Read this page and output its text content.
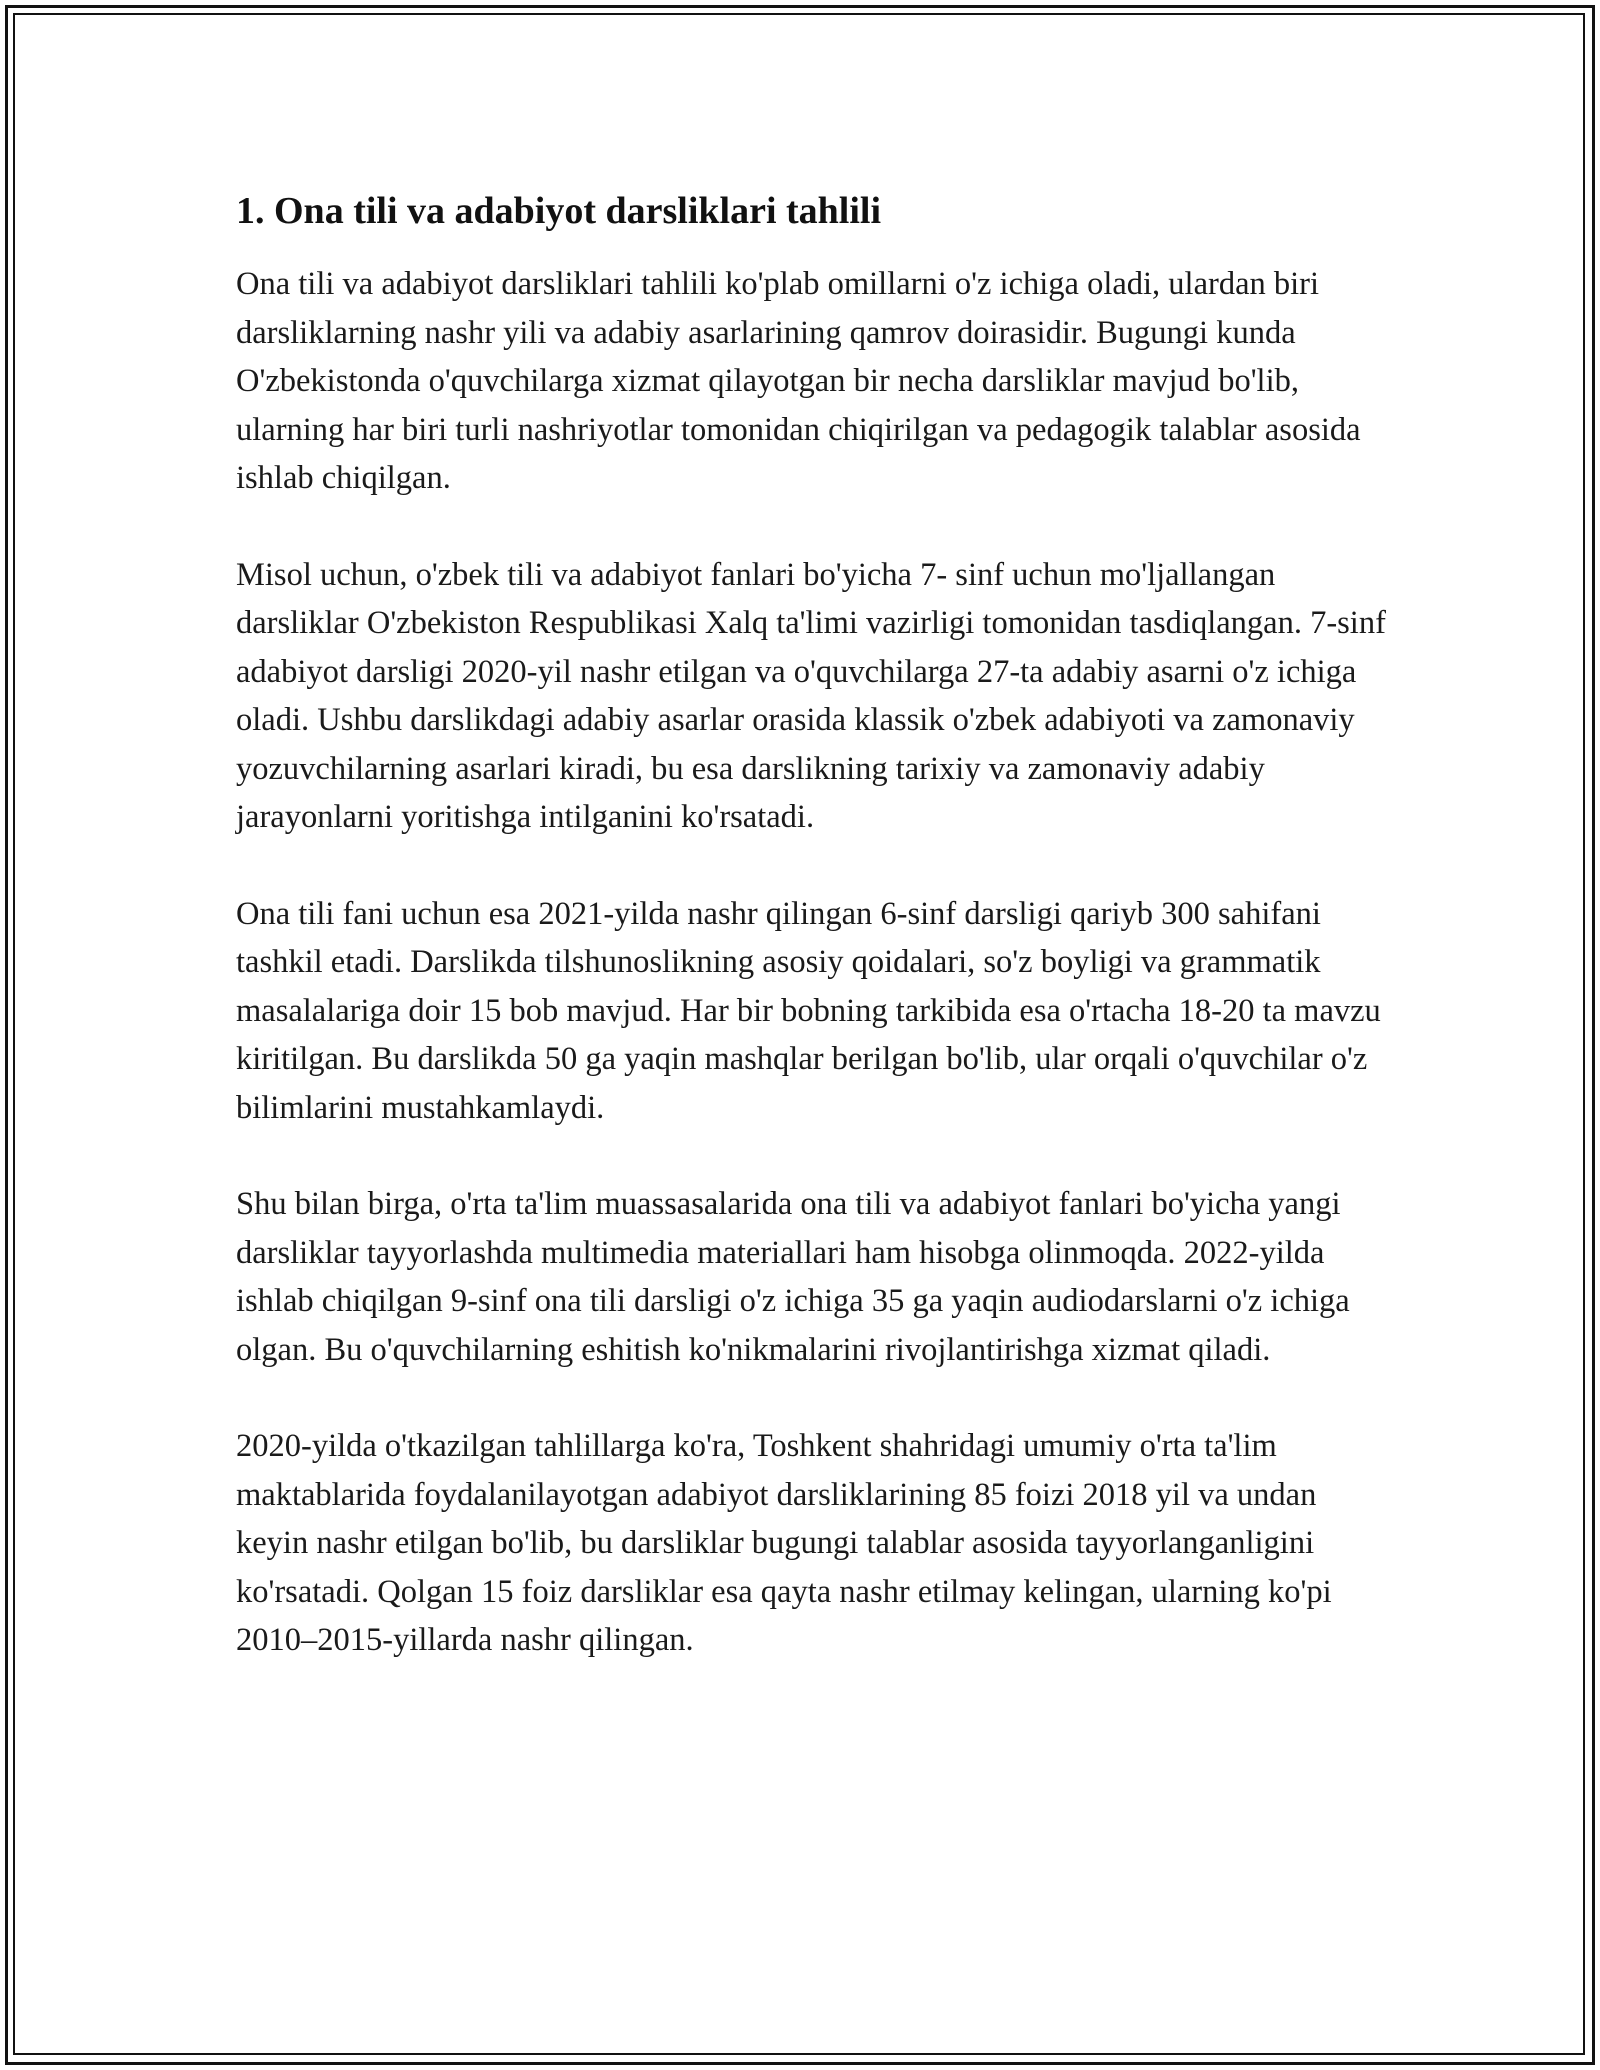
1. Ona tili va adabiyot darsliklari tahlili

Ona tili va adabiyot darsliklari tahlili ko'plab omillarni o'z ichiga oladi, ulardan biri darsliklarning nashr yili va adabiy asarlarining qamrov doirasidir. Bugungi kunda O'zbekistonda o'quvchilarga xizmat qilayotgan bir necha darsliklar mavjud bo'lib, ularning har biri turli nashriyotlar tomonidan chiqirilgan va pedagogik talablar asosida ishlab chiqilgan.

Misol uchun, o'zbek tili va adabiyot fanlari bo'yicha 7- sinf uchun mo'ljallangan darsliklar O'zbekiston Respublikasi Xalq ta'limi vazirligi tomonidan tasdiqlangan. 7-sinf adabiyot darsligi 2020-yil nashr etilgan va o'quvchilarga 27-ta adabiy asarni o'z ichiga oladi. Ushbu darslikdagi adabiy asarlar orasida klassik o'zbek adabiyoti va zamonaviy yozuvchilarning asarlari kiradi, bu esa darslikning tarixiy va zamonaviy adabiy jarayonlarni yoritishga intilganini ko'rsatadi.

Ona tili fani uchun esa 2021-yilda nashr qilingan 6-sinf darsligi qariyb 300 sahifani tashkil etadi. Darslikda tilshunoslikning asosiy qoidalari, so'z boyligi va grammatik masalalariga doir 15 bob mavjud. Har bir bobning tarkibida esa o'rtacha 18-20 ta mavzu kiritilgan. Bu darslikda 50 ga yaqin mashqlar berilgan bo'lib, ular orqali o'quvchilar o'z bilimlarini mustahkamlaydi.

Shu bilan birga, o'rta ta'lim muassasalarida ona tili va adabiyot fanlari bo'yicha yangi darsliklar tayyorlashda multimedia materiallari ham hisobga olinmoqda. 2022-yilda ishlab chiqilgan 9-sinf ona tili darsligi o'z ichiga 35 ga yaqin audiodarslarni o'z ichiga olgan. Bu o'quvchilarning eshitish ko'nikmalarini rivojlantirishga xizmat qiladi.

2020-yilda o'tkazilgan tahlillarga ko'ra, Toshkent shahridagi umumiy o'rta ta'lim maktablarida foydalanilayotgan adabiyot darsliklarining 85 foizi 2018 yil va undan keyin nashr etilgan bo'lib, bu darsliklar bugungi talablar asosida tayyorlanganligini ko'rsatadi. Qolgan 15 foiz darsliklar esa qayta nashr etilmay kelingan, ularning ko'pi 2010–2015-yillarda nashr qilingan.
